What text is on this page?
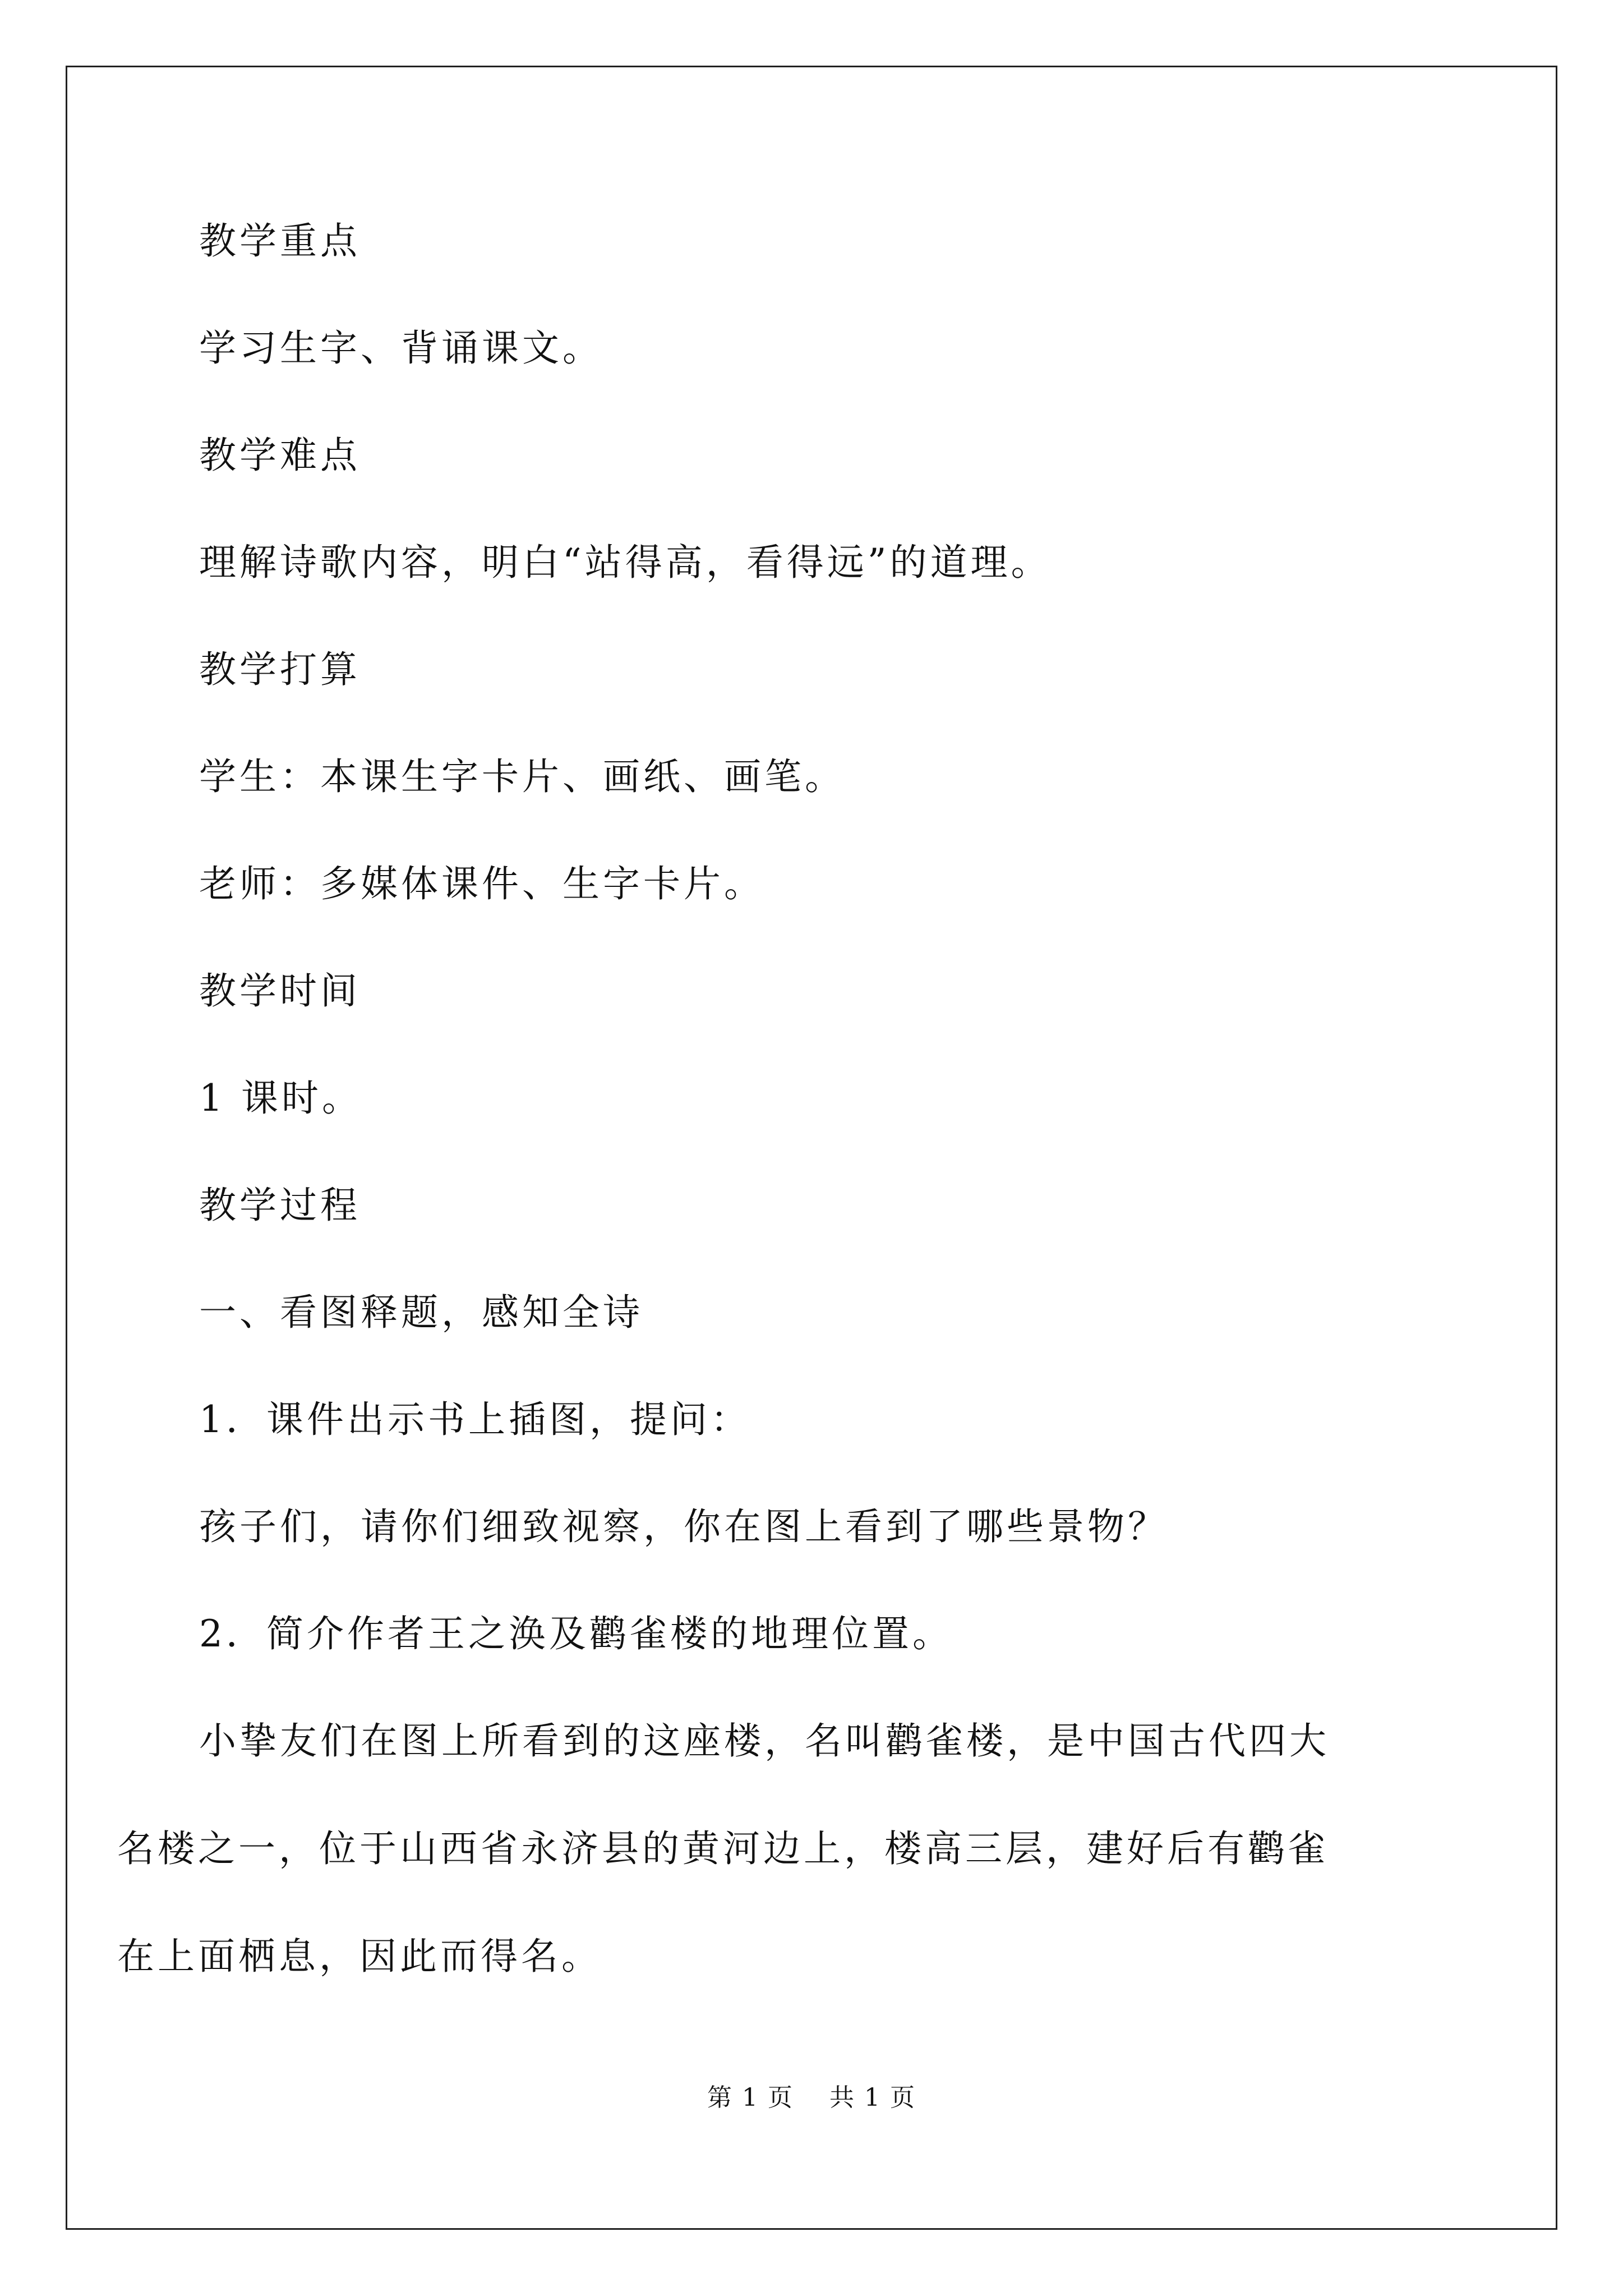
教学重点

学习生字、背诵课文。

教学难点

理解诗歌内容，明白“站得高，看得远”的道理。

教学打算

学生：本课生字卡片、画纸、画笔。

老师：多媒体课件、生字卡片。

教学时间

1 课时。

教学过程

一、看图释题，感知全诗

1．课件出示书上插图，提问：

孩子们，请你们细致视察，你在图上看到了哪些景物？

2．简介作者王之涣及鹳雀楼的地理位置。

小挚友们在图上所看到的这座楼，名叫鹳雀楼，是中国古代四大名楼之一，位于山西省永济县的黄河边上，楼高三层，建好后有鹳雀在上面栖息，因此而得名。

第 1 页 共 1 页
